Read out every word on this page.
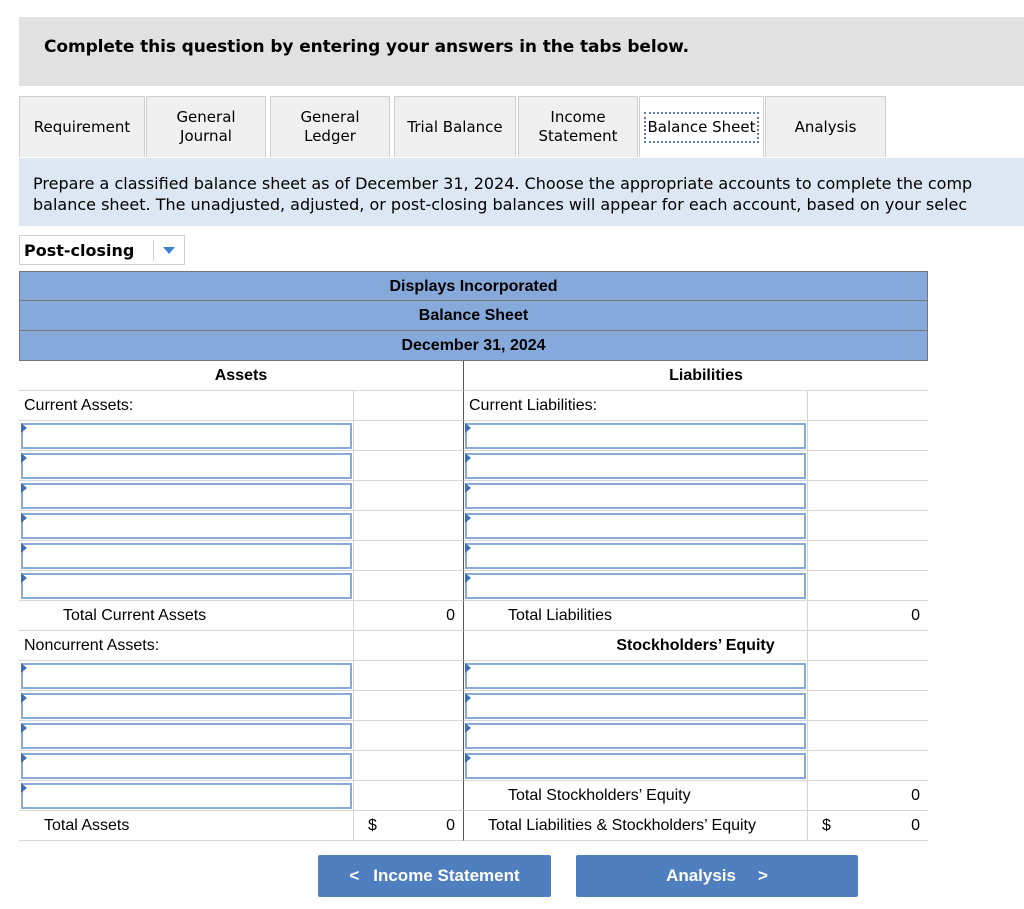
Complete this question by entering your answers in the tabs below.
Requirement
General Journal
General Ledger
Trial Balance
Income Statement
Balance Sheet	Analysis
Prepare a classified balance sheet as of December 31, 2024. Choose the appropriate accounts to complete the comp
balance sheet. The unadjusted, adjusted, or post-closing balances will appear for each account, based on your selec
Post-closing
Displays Incorporated
Balance Sheet
December 31, 2024
Assets	Liabilities
Current Assets:	Current Liabilities:
Total Current Assets	0	Total Liabilities	0
Noncurrent Assets:	Stockholders’ Equity
Total Stockholders’ Equity	0
Total Assets	$	0	Total Liabilities & Stockholders’ Equity	$	0
< Income Statement	Analysis >
